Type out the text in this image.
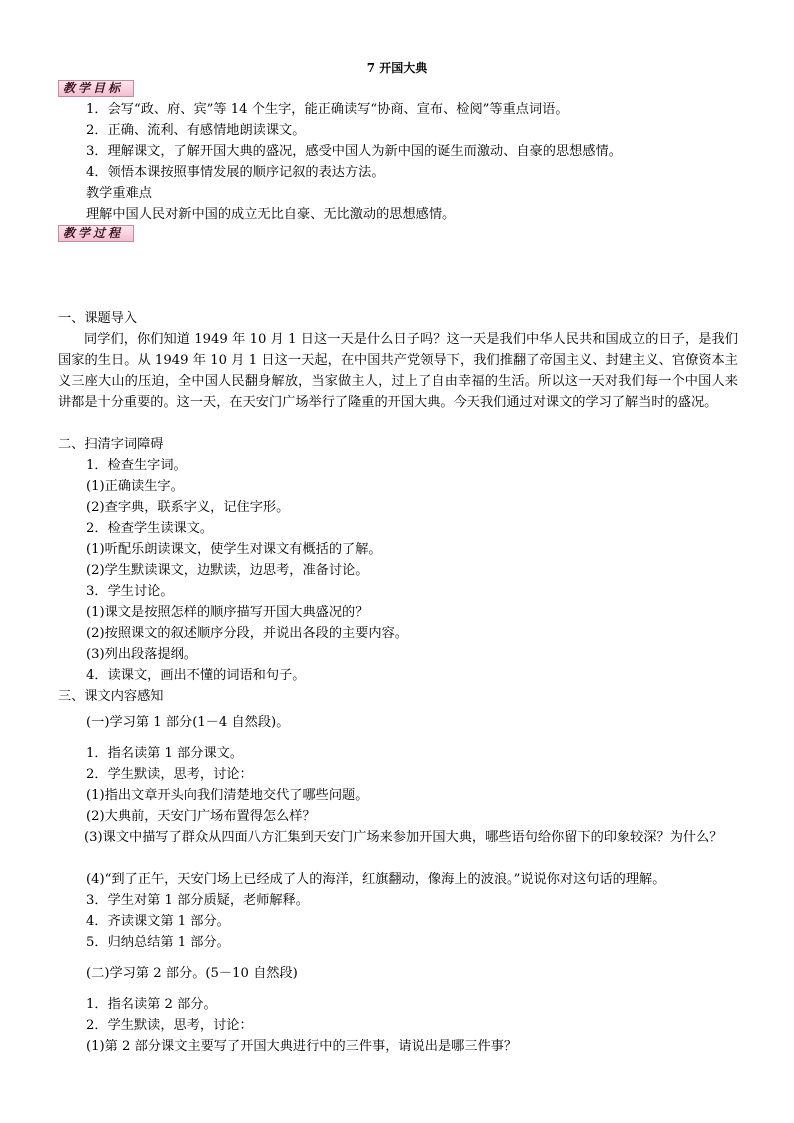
7 开国大典
教学目标
1．会写“政、府、宾”等 14 个生字，能正确读写“协商、宣布、检阅”等重点词语。
2．正确、流利、有感情地朗读课文。
3．理解课文，了解开国大典的盛况，感受中国人为新中国的诞生而激动、自豪的思想感情。
4．领悟本课按照事情发展的顺序记叙的表达方法。
教学重难点
理解中国人民对新中国的成立无比自豪、无比激动的思想感情。
教学过程
一、课题导入
同学们，你们知道 1949 年 10 月 1 日这一天是什么日子吗？这一天是我们中华人民共和国成立的日子，是我们国家的生日。从 1949 年 10 月 1 日这一天起，在中国共产党领导下，我们推翻了帝国主义、封建主义、官僚资本主义三座大山的压迫，全中国人民翻身解放，当家做主人，过上了自由幸福的生活。所以这一天对我们每一个中国人来讲都是十分重要的。这一天，在天安门广场举行了隆重的开国大典。今天我们通过对课文的学习了解当时的盛况。
二、扫清字词障碍
1．检查生字词。
(1)正确读生字。
(2)查字典，联系字义，记住字形。
2．检查学生读课文。
(1)听配乐朗读课文，使学生对课文有概括的了解。
(2)学生默读课文，边默读，边思考，准备讨论。
3．学生讨论。
(1)课文是按照怎样的顺序描写开国大典盛况的？
(2)按照课文的叙述顺序分段，并说出各段的主要内容。
(3)列出段落提纲。
4．读课文，画出不懂的词语和句子。
三、课文内容感知
(一)学习第 1 部分(1－4 自然段)。
1．指名读第 1 部分课文。
2．学生默读，思考，讨论：
(1)指出文章开头向我们清楚地交代了哪些问题。
(2)大典前，天安门广场布置得怎么样？
(3)课文中描写了群众从四面八方汇集到天安门广场来参加开国大典，哪些语句给你留下的印象较深？为什么？
(4)“到了正午，天安门场上已经成了人的海洋，红旗翻动，像海上的波浪。”说说你对这句话的理解。
3．学生对第 1 部分质疑，老师解释。
4．齐读课文第 1 部分。
5．归纳总结第 1 部分。
(二)学习第 2 部分。(5－10 自然段)
1．指名读第 2 部分。
2．学生默读，思考，讨论：
(1)第 2 部分课文主要写了开国大典进行中的三件事，请说出是哪三件事？
